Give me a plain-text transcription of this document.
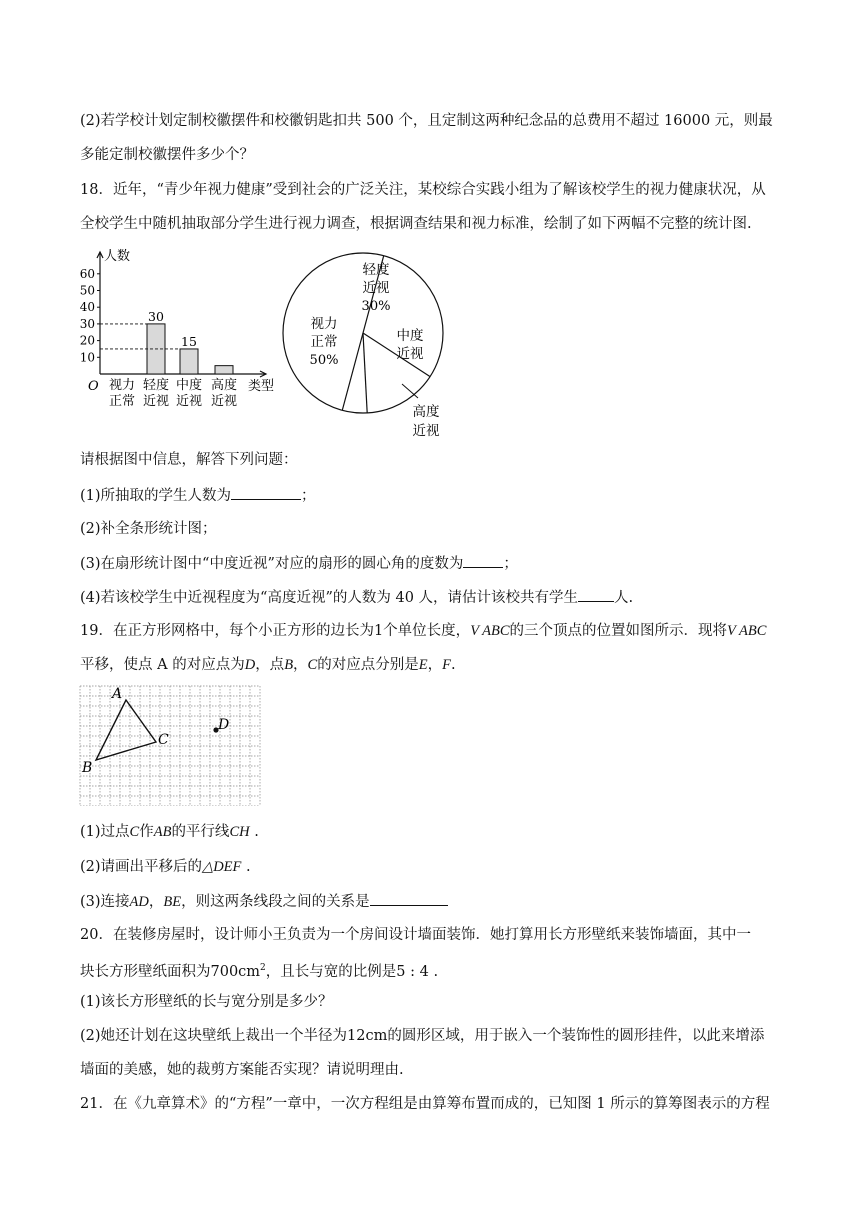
(2)若学校计划定制校徽摆件和校徽钥匙扣共 500 个，且定制这两种纪念品的总费用不超过 16000 元，则最
多能定制校徽摆件多少个？
18．近年，“青少年视力健康”受到社会的广泛关注，某校综合实践小组为了解该校学生的视力健康状况，从
全校学生中随机抽取部分学生进行视力调查，根据调查结果和视力标准，绘制了如下两幅不完整的统计图.
人数
O	类型
10
20
30
40
50
60
视力
正常
轻度
近视
30
中度
近视
15
高度
近视
视力
正常
50%
轻度
近视
30%
中度
近视
高度
近视
请根据图中信息，解答下列问题：
(1)所抽取的学生人数为	；
(2)补全条形统计图；
(3)在扇形统计图中“中度近视”对应的扇形的圆心角的度数为	；
(4)若该校学生中近视程度为“高度近视”的人数为 40 人，请估计该校共有学生 人.
19．在正方形网格中，每个小正方形的边长为1个单位长度，V ABC的三个顶点的位置如图所示．现将V ABC
平移，使点 A 的对应点为D，点B，C的对应点分别是E，F.
A
B
C
D
(1)过点C作AB的平行线CH .
(2)请画出平移后的△DEF .
(3)连接AD，BE，则这两条线段之间的关系是
20．在装修房屋时，设计师小王负责为一个房间设计墙面装饰．她打算用长方形壁纸来装饰墙面，其中一
块长方形壁纸面积为$700cm^2$，且长与宽的比例是5 : 4 .
(1)该长方形壁纸的长与宽分别是多少？
(2)她还计划在这块壁纸上裁出一个半径为12cm的圆形区域，用于嵌入一个装饰性的圆形挂件，以此来增添
墙面的美感，她的裁剪方案能否实现？请说明理由.
21．在《九章算术》的“方程”一章中，一次方程组是由算筹布置而成的，已知图 1 所示的算筹图表示的方程
